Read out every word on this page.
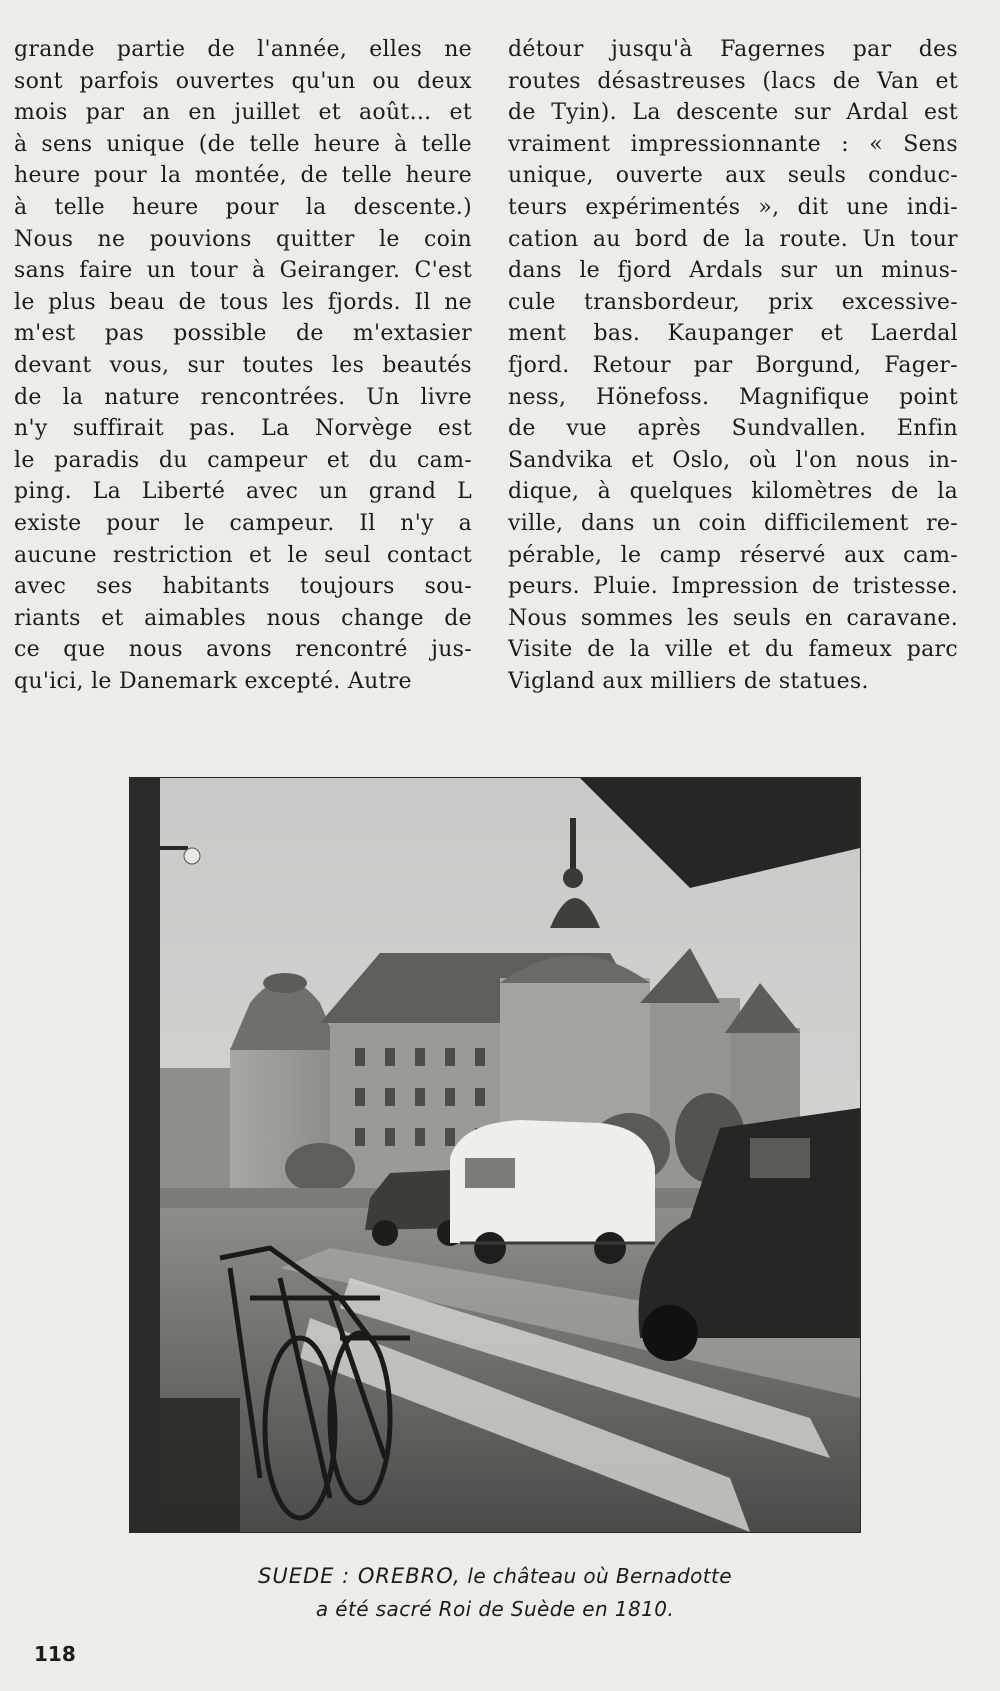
grande partie de l'année, elles ne
sont parfois ouvertes qu'un ou deux
mois par an en juillet et août... et
à sens unique (de telle heure à telle
heure pour la montée, de telle heure
à telle heure pour la descente.)
Nous ne pouvions quitter le coin
sans faire un tour à Geiranger. C'est
le plus beau de tous les fjords. Il ne
m'est pas possible de m'extasier
devant vous, sur toutes les beautés
de la nature rencontrées. Un livre
n'y suffirait pas. La Norvège est
le paradis du campeur et du cam-
ping. La Liberté avec un grand L
existe pour le campeur. Il n'y a
aucune restriction et le seul contact
avec ses habitants toujours sou-
riants et aimables nous change de
ce que nous avons rencontré jus-
qu'ici, le Danemark excepté. Autre
détour jusqu'à Fagernes par des
routes désastreuses (lacs de Van et
de Tyin). La descente sur Ardal est
vraiment impressionnante : « Sens
unique, ouverte aux seuls conduc-
teurs expérimentés », dit une indi-
cation au bord de la route. Un tour
dans le fjord Ardals sur un minus-
cule transbordeur, prix excessive-
ment bas. Kaupanger et Laerdal
fjord. Retour par Borgund, Fager-
ness, Hönefoss. Magnifique point
de vue après Sundvallen. Enfin
Sandvika et Oslo, où l'on nous in-
dique, à quelques kilomètres de la
ville, dans un coin difficilement re-
pérable, le camp réservé aux cam-
peurs. Pluie. Impression de tristesse.
Nous sommes les seuls en caravane.
Visite de la ville et du fameux parc
Vigland aux milliers de statues.
SUEDE : OREBRO, le château où Bernadotte
a été sacré Roi de Suède en 1810.
118
